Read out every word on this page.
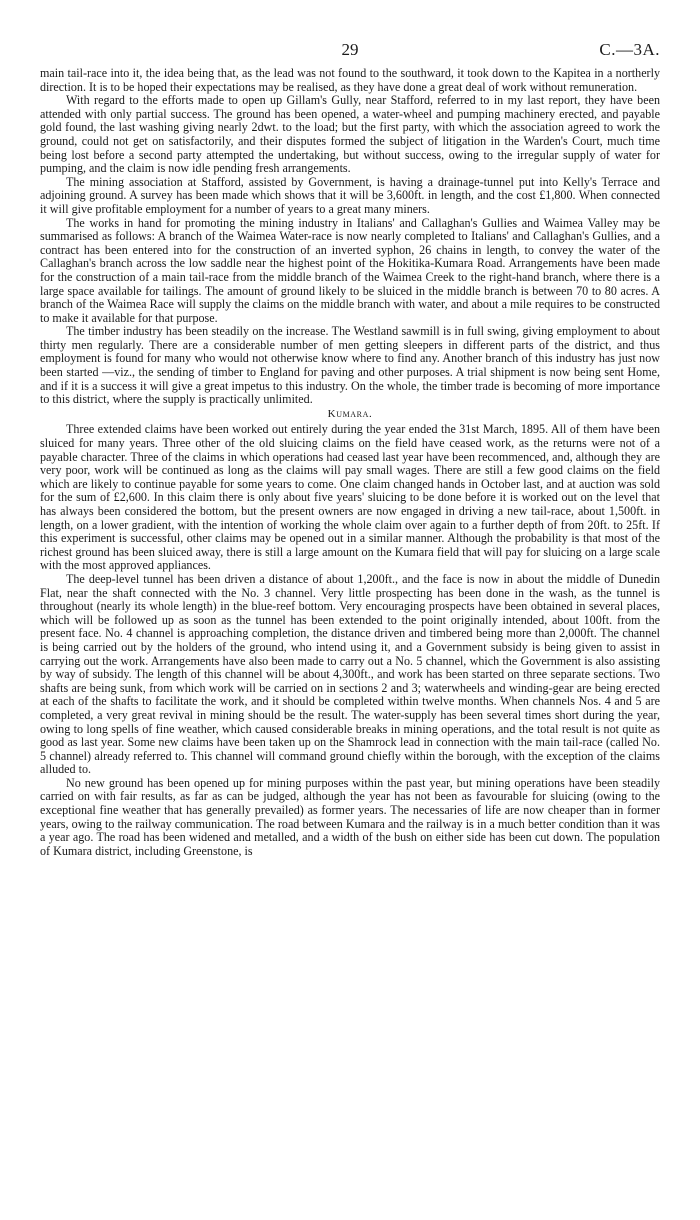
29	C.—3A.

main tail-race into it, the idea being that, as the lead was not found to the southward, it took down to the Kapitea in a northerly direction. It is to be hoped their expectations may be realised, as they have done a great deal of work without remuneration.

With regard to the efforts made to open up Gillam's Gully, near Stafford, referred to in my last report, they have been attended with only partial success. The ground has been opened, a water-wheel and pumping machinery erected, and payable gold found, the last washing giving nearly 2dwt. to the load; but the first party, with which the association agreed to work the ground, could not get on satisfactorily, and their disputes formed the subject of litigation in the Warden's Court, much time being lost before a second party attempted the undertaking, but without success, owing to the irregular supply of water for pumping, and the claim is now idle pending fresh arrangements.

The mining association at Stafford, assisted by Government, is having a drainage-tunnel put into Kelly's Terrace and adjoining ground. A survey has been made which shows that it will be 3,600ft. in length, and the cost £1,800. When connected it will give profitable employment for a number of years to a great many miners.

The works in hand for promoting the mining industry in Italians' and Callaghan's Gullies and Waimea Valley may be summarised as follows: A branch of the Waimea Water-race is now nearly completed to Italians' and Callaghan's Gullies, and a contract has been entered into for the construction of an inverted syphon, 26 chains in length, to convey the water of the Callaghan's branch across the low saddle near the highest point of the Hokitika-Kumara Road. Arrangements have been made for the construction of a main tail-race from the middle branch of the Waimea Creek to the right-hand branch, where there is a large space available for tailings. The amount of ground likely to be sluiced in the middle branch is between 70 to 80 acres. A branch of the Waimea Race will supply the claims on the middle branch with water, and about a mile requires to be constructed to make it available for that purpose.

The timber industry has been steadily on the increase. The Westland sawmill is in full swing, giving employment to about thirty men regularly. There are a considerable number of men getting sleepers in different parts of the district, and thus employment is found for many who would not otherwise know where to find any. Another branch of this industry has just now been started —viz., the sending of timber to England for paving and other purposes. A trial shipment is now being sent Home, and if it is a success it will give a great impetus to this industry. On the whole, the timber trade is becoming of more importance to this district, where the supply is practically unlimited.

Kumara.

Three extended claims have been worked out entirely during the year ended the 31st March, 1895. All of them have been sluiced for many years. Three other of the old sluicing claims on the field have ceased work, as the returns were not of a payable character. Three of the claims in which operations had ceased last year have been recommenced, and, although they are very poor, work will be continued as long as the claims will pay small wages. There are still a few good claims on the field which are likely to continue payable for some years to come. One claim changed hands in October last, and at auction was sold for the sum of £2,600. In this claim there is only about five years' sluicing to be done before it is worked out on the level that has always been considered the bottom, but the present owners are now engaged in driving a new tail-race, about 1,500ft. in length, on a lower gradient, with the intention of working the whole claim over again to a further depth of from 20ft. to 25ft. If this experiment is successful, other claims may be opened out in a similar manner. Although the probability is that most of the richest ground has been sluiced away, there is still a large amount on the Kumara field that will pay for sluicing on a large scale with the most approved appliances.

The deep-level tunnel has been driven a distance of about 1,200ft., and the face is now in about the middle of Dunedin Flat, near the shaft connected with the No. 3 channel. Very little prospecting has been done in the wash, as the tunnel is throughout (nearly its whole length) in the blue-reef bottom. Very encouraging prospects have been obtained in several places, which will be followed up as soon as the tunnel has been extended to the point originally intended, about 100ft. from the present face. No. 4 channel is approaching completion, the distance driven and timbered being more than 2,000ft. The channel is being carried out by the holders of the ground, who intend using it, and a Government subsidy is being given to assist in carrying out the work. Arrangements have also been made to carry out a No. 5 channel, which the Government is also assisting by way of subsidy. The length of this channel will be about 4,300ft., and work has been started on three separate sections. Two shafts are being sunk, from which work will be carried on in sections 2 and 3; waterwheels and winding-gear are being erected at each of the shafts to facilitate the work, and it should be completed within twelve months. When channels Nos. 4 and 5 are completed, a very great revival in mining should be the result. The water-supply has been several times short during the year, owing to long spells of fine weather, which caused considerable breaks in mining operations, and the total result is not quite as good as last year. Some new claims have been taken up on the Shamrock lead in connection with the main tail-race (called No. 5 channel) already referred to. This channel will command ground chiefly within the borough, with the exception of the claims alluded to.

No new ground has been opened up for mining purposes within the past year, but mining operations have been steadily carried on with fair results, as far as can be judged, although the year has not been as favourable for sluicing (owing to the exceptional fine weather that has generally prevailed) as former years. The necessaries of life are now cheaper than in former years, owing to the railway communication. The road between Kumara and the railway is in a much better condition than it was a year ago. The road has been widened and metalled, and a width of the bush on either side has been cut down. The population of Kumara district, including Greenstone, is
